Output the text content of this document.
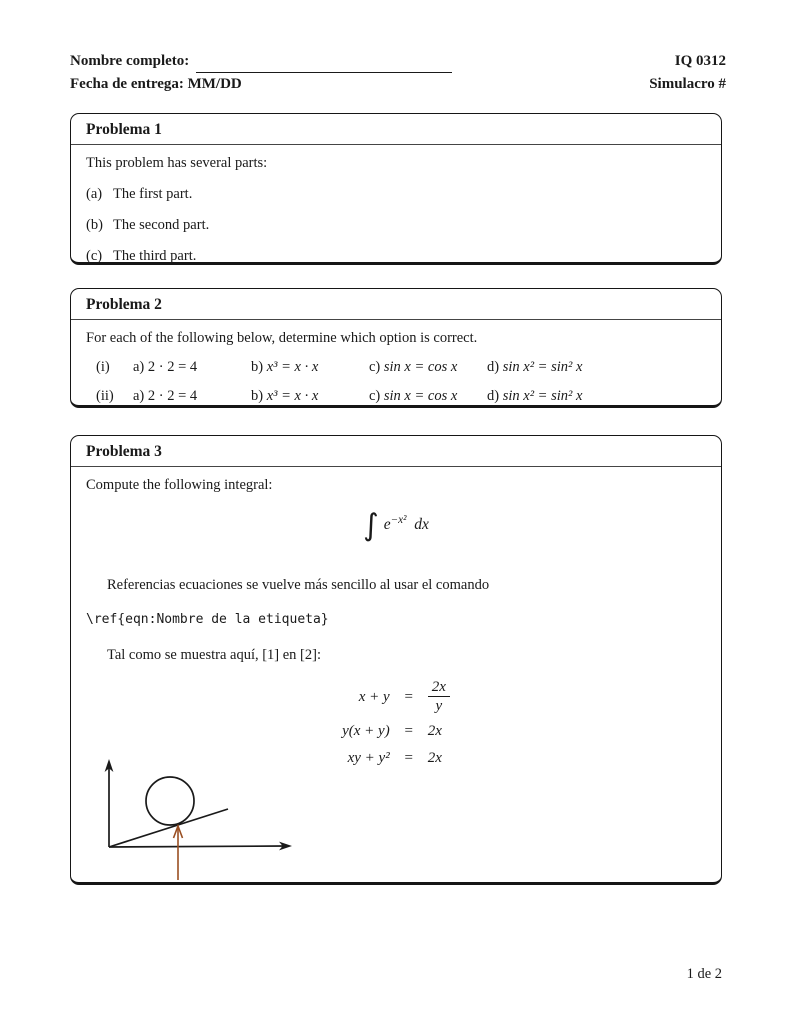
Nombre completo:
Fecha de entrega: MM/DD
IQ 0312
Simulacro #
Problema 1
This problem has several parts:
(a) The first part.
(b) The second part.
(c) The third part.
Problema 2
For each of the following below, determine which option is correct.
(i)	a) 2 · 2 = 4	b) x³ = x · x	c) sin x = cos x	d) sin x² = sin² x
(ii)	a) 2 · 2 = 4	b) x³ = x · x	c) sin x = cos x	d) sin x² = sin² x
Problema 3
Compute the following integral:
∫ $e^{-x^2}$ dx
Referencias ecuaciones se vuelve más sencillo al usar el comando
\ref{eqn:Nombre de la etiqueta}
Tal como se muestra aquí, [1] en [2]:
$x + y = \frac{2x}{y}$
y(x + y) = 2x
xy + y² = 2x
1 de 2
